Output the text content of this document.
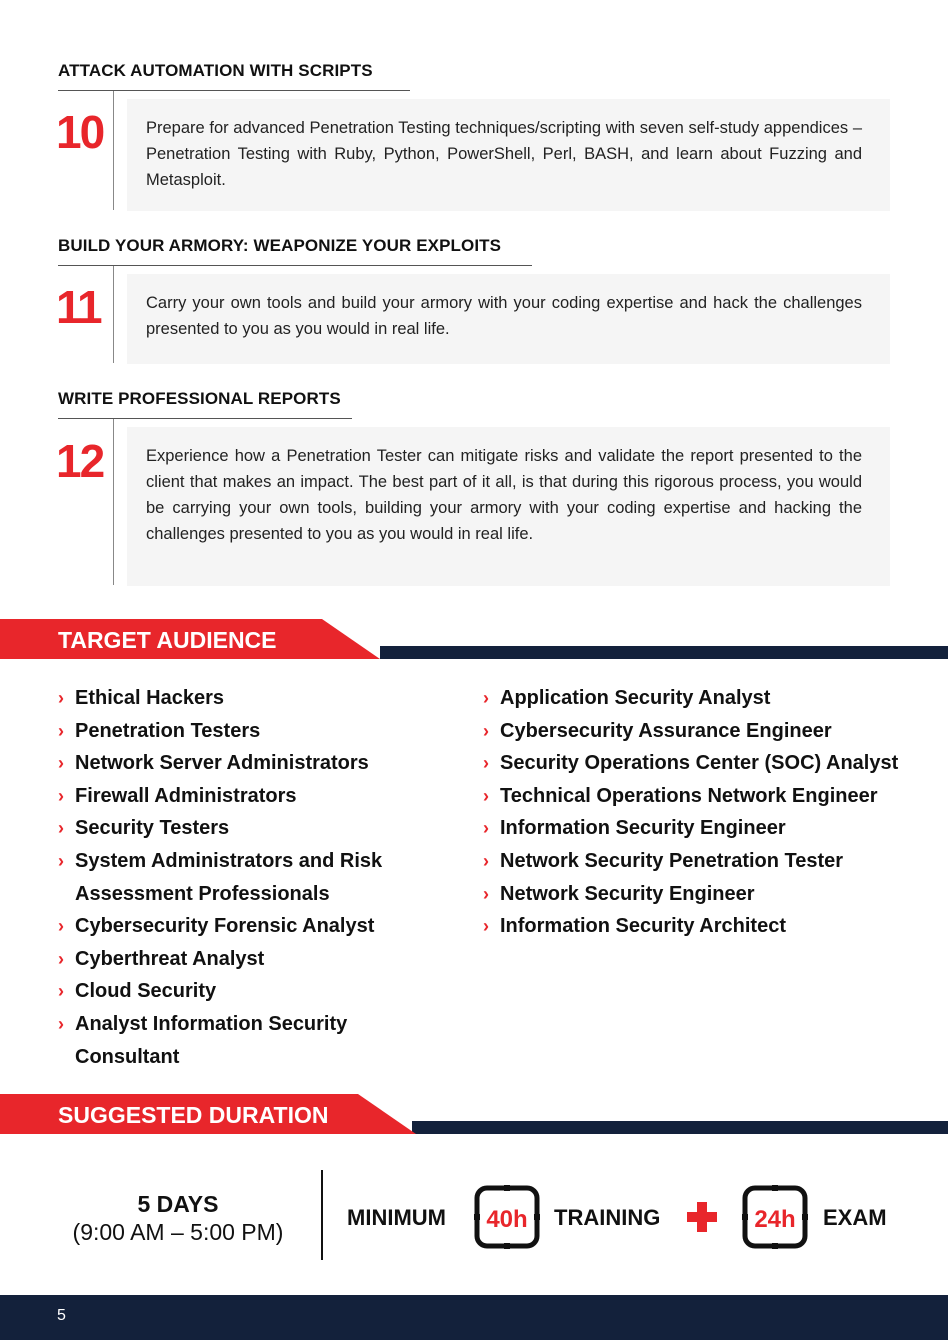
ATTACK AUTOMATION WITH SCRIPTS
10	Prepare for advanced Penetration Testing techniques/scripting with seven self-study appendices – Penetration Testing with Ruby, Python, PowerShell, Perl, BASH, and learn about Fuzzing and Metasploit.
BUILD YOUR ARMORY: WEAPONIZE YOUR EXPLOITS
11	Carry your own tools and build your armory with your coding expertise and hack the challenges presented to you as you would in real life.
WRITE PROFESSIONAL REPORTS
12	Experience how a Penetration Tester can mitigate risks and validate the report presented to the client that makes an impact. The best part of it all, is that during this rigorous process, you would be carrying your own tools, building your armory with your coding expertise and hacking the challenges presented to you as you would in real life.
TARGET AUDIENCE
› Ethical Hackers
› Penetration Testers
› Network Server Administrators
› Firewall Administrators
› Security Testers
› System Administrators and Risk Assessment Professionals
› Cybersecurity Forensic Analyst
› Cyberthreat Analyst
› Cloud Security
› Analyst Information Security Consultant
› Application Security Analyst
› Cybersecurity Assurance Engineer
› Security Operations Center (SOC) Analyst
› Technical Operations Network Engineer
› Information Security Engineer
› Network Security Penetration Tester
› Network Security Engineer
› Information Security Architect
SUGGESTED DURATION
5 DAYS
(9:00 AM – 5:00 PM)
MINIMUM 40h TRAINING	24h EXAM
5
